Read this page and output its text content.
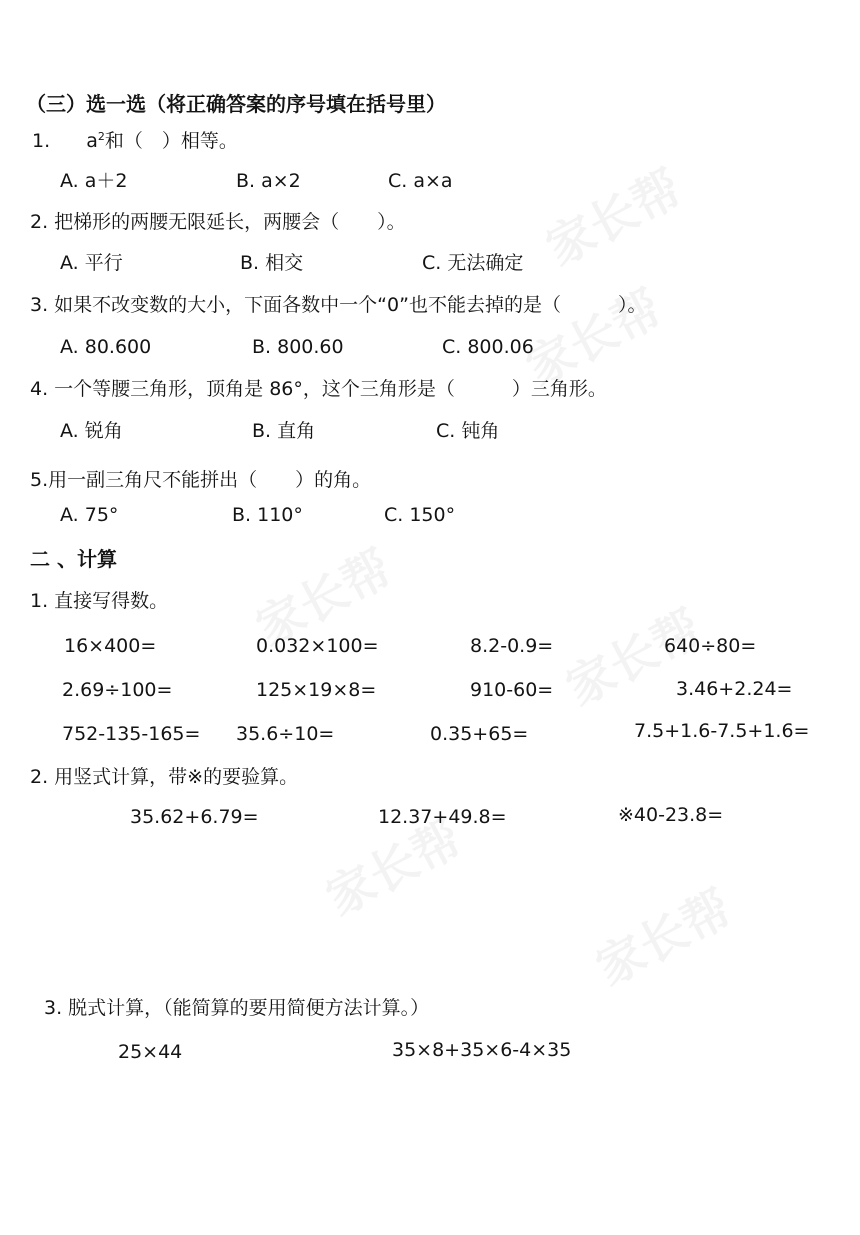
（三）选一选（将正确答案的序号填在括号里）
1. $a^2$和（　）相等。
A. a＋2	B. a×2	C. a×a
2. 把梯形的两腰无限延长，两腰会（　　）。
A. 平行	B. 相交	C. 无法确定
3. 如果不改变数的大小，下面各数中一个“0”也不能去掉的是（　　　）。
A. 80.600	B. 800.60	C. 800.06
4. 一个等腰三角形，顶角是 86°，这个三角形是（　　　）三角形。
A. 锐角	B. 直角	C. 钝角
5.用一副三角尺不能拼出（　　）的角。
A. 75°	B. 110°	C. 150°
二 、计算
1. 直接写得数。
16×400=	0.032×100=	8.2-0.9=	640÷80=
2.69÷100=	125×19×8=	910-60=	3.46+2.24=
752-135-165= 35.6÷10=	0.35+65=	7.5+1.6-7.5+1.6=
2. 用竖式计算，带※的要验算。
35.62+6.79=	12.37+49.8=	※40-23.8=
3. 脱式计算，（能简算的要用简便方法计算。）
25×44	35×8+35×6-4×35
